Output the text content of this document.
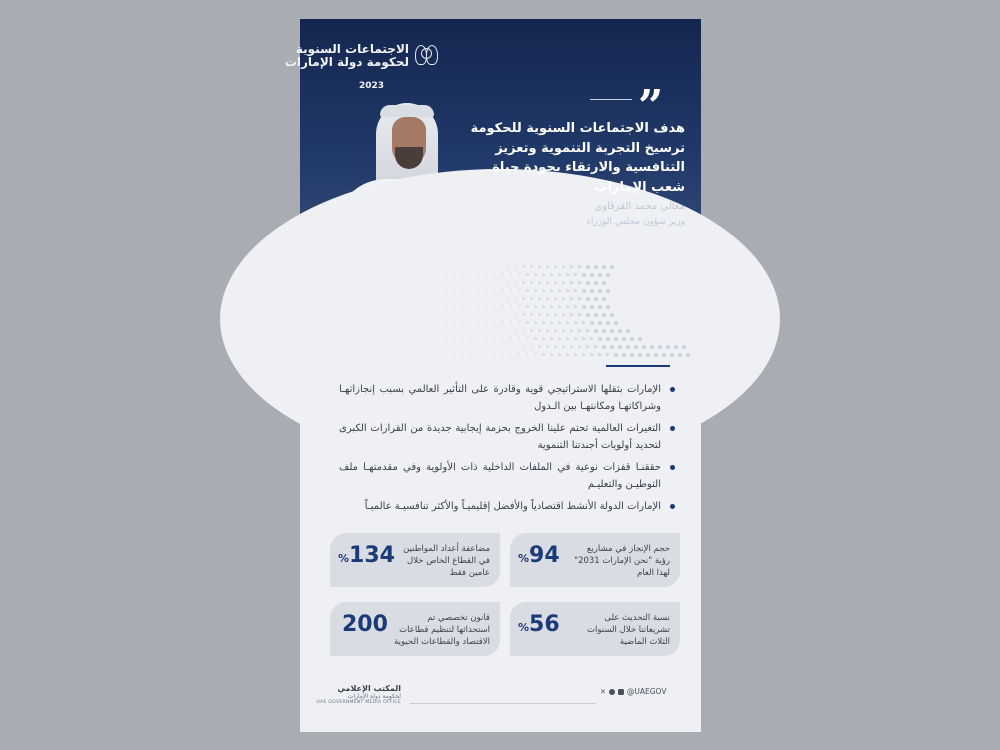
الاجتماعات السنوية
لحكومة دولة الإمارات
2023	”
هدف الاجتماعات السنوية للحكومة ترسيخ التجربة التنموية وتعزيز التنافسية والارتقاء بجودة حياة شعب الإمارات
معالي محمد القرقاوي
وزير شؤون مجلس الوزراء
الإمارات بثقلها الاستراتيجي قوية وقادرة على التأثير العالمي بسبب إنجازاتهـا وشراكاتهـا ومكانتهـا بين الـدول
التغيرات العالمية تحتم علينا الخروج بحزمة إيجابية جديدة من القرارات الكبرى لتحديد أولويات أجندتنا التنموية
حققنـا قفزات نوعية في الملفات الداخلية ذات الأولوية وفي مقدمتهـا ملف التوطيـن والتعليـم
الإمارات الدولة الأنشط اقتصادياً والأفضل إقليميـاً والأكثر تنافسيـة عالميـاً
%94	حجم الإنجاز في مشاريع رؤية "نحن الإمارات 2031" لهذا العام
%134 مضاعفة أعداد المواطنين في القطاع الخاص خلال عامين فقط
%56	نسبة التحديث على تشريعاتنا خلال السنوات الثلاث الماضية
200	قانون تخصصي تم استحداثها لتنظيم قطاعات الاقتصاد والقطاعات الحيوية
المكتب الإعلامي
لحكومة دولة الإمارات
UAE GOVERNMENT MEDIA OFFICE
✕	@UAEGOV
